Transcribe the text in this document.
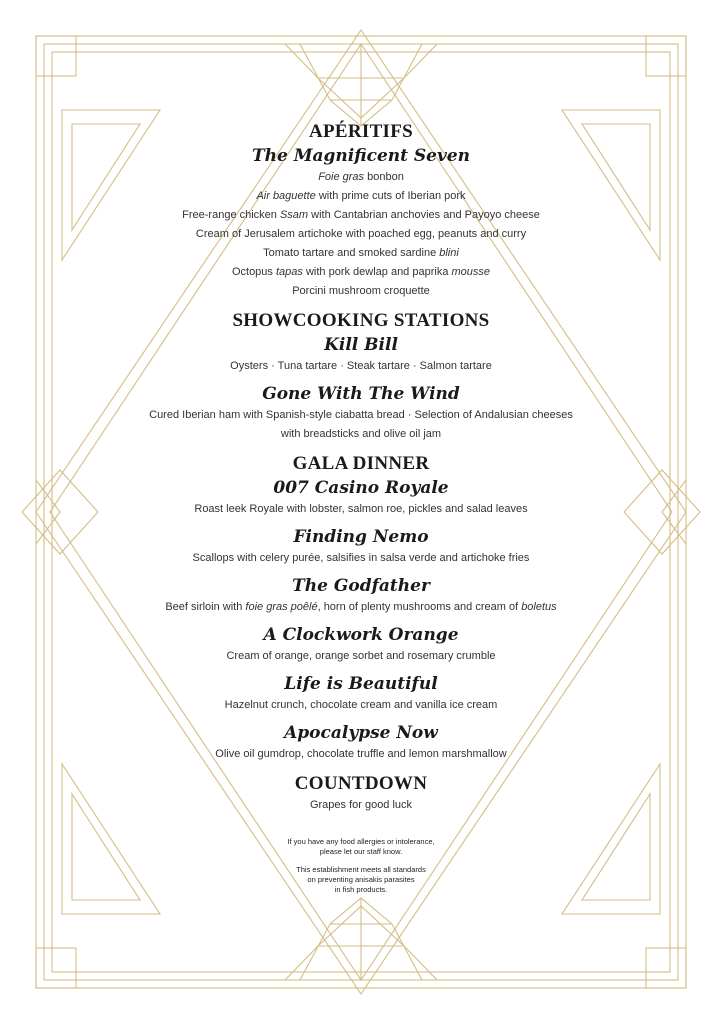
APÉRITIFS
The Magnificent Seven

Foie gras bonbon

Air baguette with prime cuts of Iberian pork

Free-range chicken Ssam with Cantabrian anchovies and Payoyo cheese

Cream of Jerusalem artichoke with poached egg, peanuts and curry

Tomato tartare and smoked sardine blini

Octopus tapas with pork dewlap and paprika mousse

Porcini mushroom croquette

SHOWCOOKING STATIONS
Kill Bill

Oysters · Tuna tartare · Steak tartare · Salmon tartare

Gone With The Wind

Cured Iberian ham with Spanish-style ciabatta bread · Selection of Andalusian cheeses

with breadsticks and olive oil jam

GALA DINNER
007 Casino Royale

Roast leek Royale with lobster, salmon roe, pickles and salad leaves

Finding Nemo

Scallops with celery purée, salsifies in salsa verde and artichoke fries

The Godfather

Beef sirloin with foie gras poêlé, horn of plenty mushrooms and cream of boletus

A Clockwork Orange

Cream of orange, orange sorbet and rosemary crumble

Life is Beautiful

Hazelnut crunch, chocolate cream and vanilla ice cream

Apocalypse Now

Olive oil gumdrop, chocolate truffle and lemon marshmallow

COUNTDOWN

Grapes for good luck

If you have any food allergies or intolerance,

please let our staff know.

This establishment meets all standards

on preventing anisakis parasites

in fish products.
